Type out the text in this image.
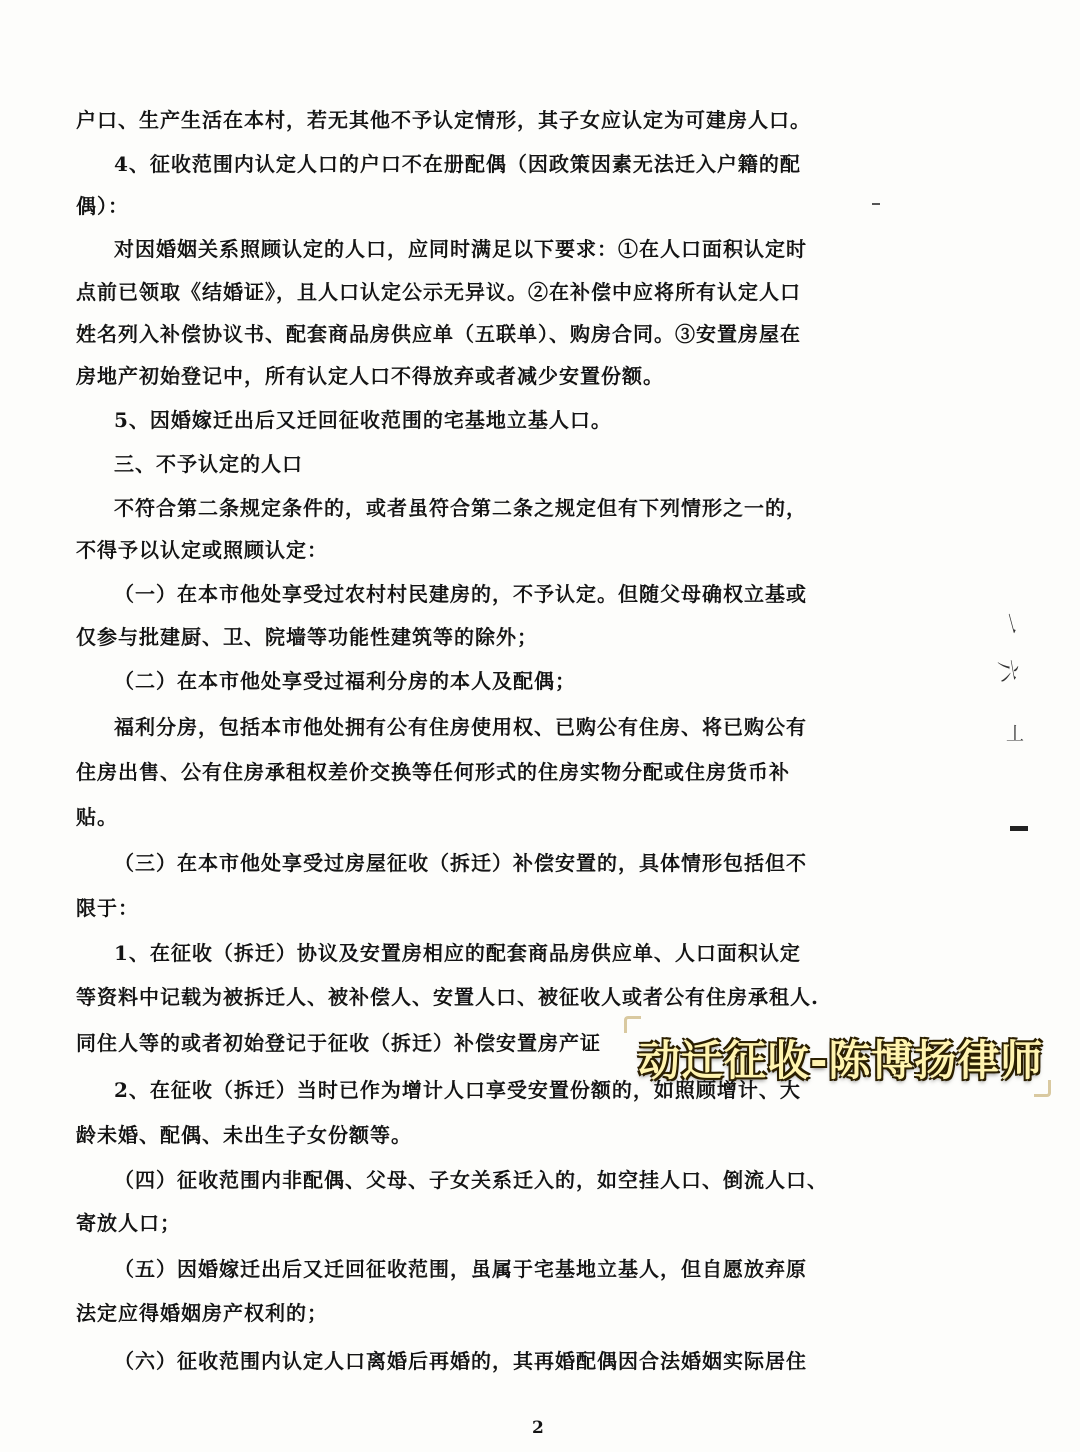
户口、生产生活在本村，若无其他不予认定情形，其子女应认定为可建房人口。
4、征收范围内认定人口的户口不在册配偶（因政策因素无法迁入户籍的配
偶）：
对因婚姻关系照顾认定的人口，应同时满足以下要求：①在人口面积认定时
点前已领取《结婚证》，且人口认定公示无异议。②在补偿中应将所有认定人口
姓名列入补偿协议书、配套商品房供应单（五联单）、购房合同。③安置房屋在
房地产初始登记中，所有认定人口不得放弃或者减少安置份额。
5、因婚嫁迁出后又迁回征收范围的宅基地立基人口。
三、不予认定的人口
不符合第二条规定条件的，或者虽符合第二条之规定但有下列情形之一的，
不得予以认定或照顾认定：
（一）在本市他处享受过农村村民建房的，不予认定。但随父母确权立基或
仅参与批建厨、卫、院墙等功能性建筑等的除外；
（二）在本市他处享受过福利分房的本人及配偶；
福利分房，包括本市他处拥有公有住房使用权、已购公有住房、将已购公有
住房出售、公有住房承租权差价交换等任何形式的住房实物分配或住房货币补
贴。
（三）在本市他处享受过房屋征收（拆迁）补偿安置的，具体情形包括但不
限于：
1、在征收（拆迁）协议及安置房相应的配套商品房供应单、人口面积认定
等资料中记载为被拆迁人、被补偿人、安置人口、被征收人或者公有住房承租人.
同住人等的或者初始登记于征收（拆迁）补偿安置房产证
2、在征收（拆迁）当时已作为增计人口享受安置份额的，如照顾增计、大
龄未婚、配偶、未出生子女份额等。
（四）征收范围内非配偶、父母、子女关系迁入的，如空挂人口、倒流人口、
寄放人口；
（五）因婚嫁迁出后又迁回征收范围，虽属于宅基地立基人，但自愿放弃原
法定应得婚姻房产权利的；
（六）征收范围内认定人口离婚后再婚的，其再婚配偶因合法婚姻实际居住
2
一
六
丄
动迁征收-陈博扬律师
